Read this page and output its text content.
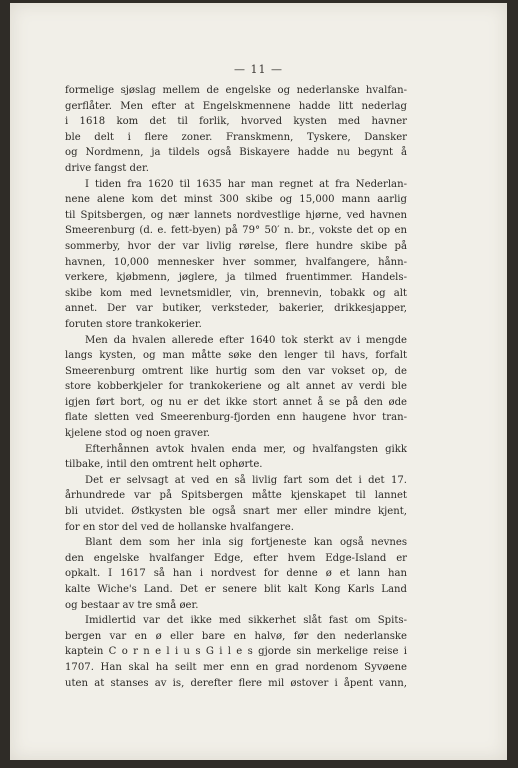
— 11 —
formelige sjøslag mellem de engelske og nederlanske hvalfan-
gerflåter. Men efter at Engelskmennene hadde litt nederlag
i 1618 kom det til forlik, hvorved kysten med havner
ble delt i flere zoner. Franskmenn, Tyskere, Dansker
og Nordmenn, ja tildels også Biskayere hadde nu begynt å
drive fangst der.
I tiden fra 1620 til 1635 har man regnet at fra Nederlan-
nene alene kom det minst 300 skibe og 15,000 mann aarlig
til Spitsbergen, og nær lannets nordvestlige hjørne, ved havnen
Smeerenburg (d. e. fett-byen) på 79° 50′ n. br., vokste det op en
sommerby, hvor der var livlig rørelse, flere hundre skibe på
havnen, 10,000 mennesker hver sommer, hvalfangere, hånn-
verkere, kjøbmenn, jøglere, ja tilmed fruentimmer. Handels-
skibe kom med levnetsmidler, vin, brennevin, tobakk og alt
annet. Der var butiker, verksteder, bakerier, drikkesjapper,
foruten store trankokerier.
Men da hvalen allerede efter 1640 tok sterkt av i mengde
langs kysten, og man måtte søke den lenger til havs, forfalt
Smeerenburg omtrent like hurtig som den var vokset op, de
store kobberkjeler for trankokeriene og alt annet av verdi ble
igjen ført bort, og nu er det ikke stort annet å se på den øde
flate sletten ved Smeerenburg-fjorden enn haugene hvor tran-
kjelene stod og noen graver.
Efterhånnen avtok hvalen enda mer, og hvalfangsten gikk
tilbake, intil den omtrent helt ophørte.
Det er selvsagt at ved en så livlig fart som det i det 17.
århundrede var på Spitsbergen måtte kjenskapet til lannet
bli utvidet. Østkysten ble også snart mer eller mindre kjent,
for en stor del ved de hollanske hvalfangere.
Blant dem som her inla sig fortjeneste kan også nevnes
den engelske hvalfanger Edge, efter hvem Edge-Island er
opkalt. I 1617 så han i nordvest for denne ø et lann han
kalte Wiche's Land. Det er senere blit kalt Kong Karls Land
og bestaar av tre små øer.
Imidlertid var det ikke med sikkerhet slåt fast om Spits-
bergen var en ø eller bare en halvø, før den nederlanske
kaptein C o r n e l i u s G i l e s gjorde sin merkelige reise i
1707. Han skal ha seilt mer enn en grad nordenom Syvøene
uten at stanses av is, derefter flere mil østover i åpent vann,
